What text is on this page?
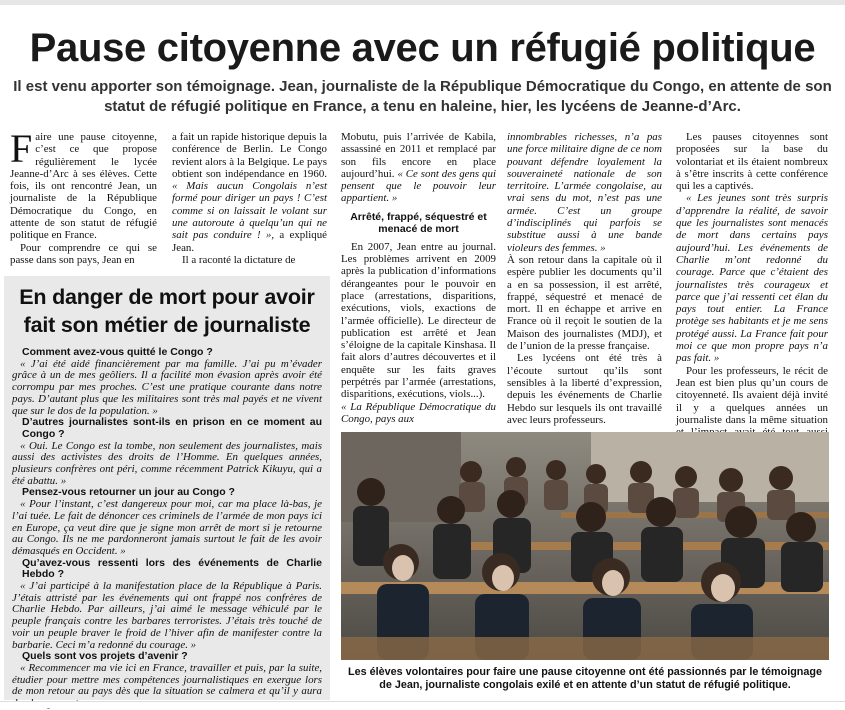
Pause citoyenne avec un réfugié politique
Il est venu apporter son témoignage. Jean, journaliste de la République Démocratique du Congo, en attente de son statut de réfugié politique en France, a tenu en haleine, hier, les lycéens de Jeanne-d’Arc.

Faire une pause citoyenne, c’est ce que propose régulièrement le lycée Jeanne-d’Arc à ses élèves. Cette fois, ils ont rencontré Jean, un journaliste de la République Démocratique du Congo, en attente de son statut de réfugié politique en France.

Pour comprendre ce qui se passe dans son pays, Jean en

a fait un rapide historique depuis la conférence de Berlin. Le Congo revient alors à la Belgique. Le pays obtient son indépendance en 1960. « Mais aucun Congolais n’est formé pour diriger un pays ! C’est comme si on laissait le volant sur une autoroute à quelqu’un qui ne sait pas conduire ! », a expliqué Jean.

Il a raconté la dictature de

Mobutu, puis l’arrivée de Kabila, assassiné en 2011 et remplacé par son fils encore en place aujourd’hui. « Ce sont des gens qui pensent que le pouvoir leur appartient. »

Arrêté, frappé, séquestré et menacé de mort

En 2007, Jean entre au journal. Les problèmes arrivent en 2009 après la publication d’informations dérangeantes pour le pouvoir en place (arrestations, disparitions, exécutions, viols, exactions de l’armée officielle). Le directeur de publication est arrêté et Jean s’éloigne de la capitale Kinshasa. Il fait alors d’autres découvertes et il enquête sur les faits graves perpétrés par l’armée (arrestations, disparitions, exécutions, viols...).

« La République Démocratique du Congo, pays aux

innombrables richesses, n’a pas une force militaire digne de ce nom pouvant défendre loyalement la souveraineté nationale de son territoire. L’armée congolaise, au vrai sens du mot, n’est pas une armée. C’est un groupe d’indisciplinés qui parfois se substitue aussi à une bande violeurs des femmes. »

À son retour dans la capitale où il espère publier les documents qu’il a en sa possession, il est arrêté, frappé, séquestré et menacé de mort. Il en échappe et arrive en France où il reçoit le soutien de la Maison des journalistes (MDJ), et de l’union de la presse française.

Les lycéens ont été très à l’écoute surtout qu’ils sont sensibles à la liberté d’expression, depuis les événements de Charlie Hebdo sur lesquels ils ont travaillé avec leurs professeurs.

Les pauses citoyennes sont proposées sur la base du volontariat et ils étaient nombreux à s’être inscrits à cette conférence qui les a captivés.

« Les jeunes sont très surpris d’apprendre la réalité, de savoir que les journalistes sont menacés de mort dans certains pays aujourd’hui. Les événements de Charlie m’ont redonné du courage. Parce que c’étaient des journalistes très courageux et parce que j’ai ressenti cet élan du pays tout entier. La France protège ses habitants et je me sens protégé aussi. La France fait pour moi ce que mon propre pays n’a pas fait. »

Pour les professeurs, le récit de Jean est bien plus qu’un cours de citoyenneté. Ils avaient déjà invité il y a quelques années un journaliste dans la même situation

En danger de mort pour avoir fait son métier de journaliste
Comment avez-vous quitté le Congo ?

« J’ai été aidé financièrement par ma famille. J’ai pu m’évader grâce à un de mes geôliers. Il a facilité mon évasion après avoir été corrompu par mes proches. C’est une pratique courante dans notre pays. D’autant plus que les militaires sont très mal payés et ne vivent que sur le dos de la population. »

D’autres journalistes sont-ils en prison en ce moment au Congo ?

« Oui. Le Congo est la tombe, non seulement des journalistes, mais aussi des activistes des droits de l’Homme. En quelques années, plusieurs confrères ont péri, comme récemment Patrick Kikuyu, qui a été abattu. »

Pensez-vous retourner un jour au Congo ?

« Pour l’instant, c’est dangereux pour moi, car ma place là-bas, je l’ai tuée. Le fait de dénoncer ces criminels de l’armée de mon pays ici en Europe, ça veut dire que je signe mon arrêt de mort si je retourne au Congo. Ils ne me pardonneront jamais surtout le fait de les avoir démasqués en Occident. »

Qu’avez-vous ressenti lors des événements de Charlie Hebdo ?

« J’ai participé à la manifestation place de la République à Paris. J’étais attristé par les événements qui ont frappé nos confrères de Charlie Hebdo. Par ailleurs, j’ai aimé le message véhiculé par le peuple français contre les barbares terroristes. J’étais très touché de voir un peuple braver le froid de l’hiver afin de manifester contre la barbarie. Ceci m’a redonné du courage. »

Quels sont vos projets d’avenir ?

« Recommencer ma vie ici en France, travailler et puis, par la suite, étudier pour mettre mes compétences journalistiques en exergue lors de mon retour au pays dès que la situation se calmera et qu’il y aura

Les élèves volontaires pour faire une pause citoyenne ont été passionnés par le témoignage de Jean, journaliste congolais exilé et en attente d’un statut de réfugié politique.
